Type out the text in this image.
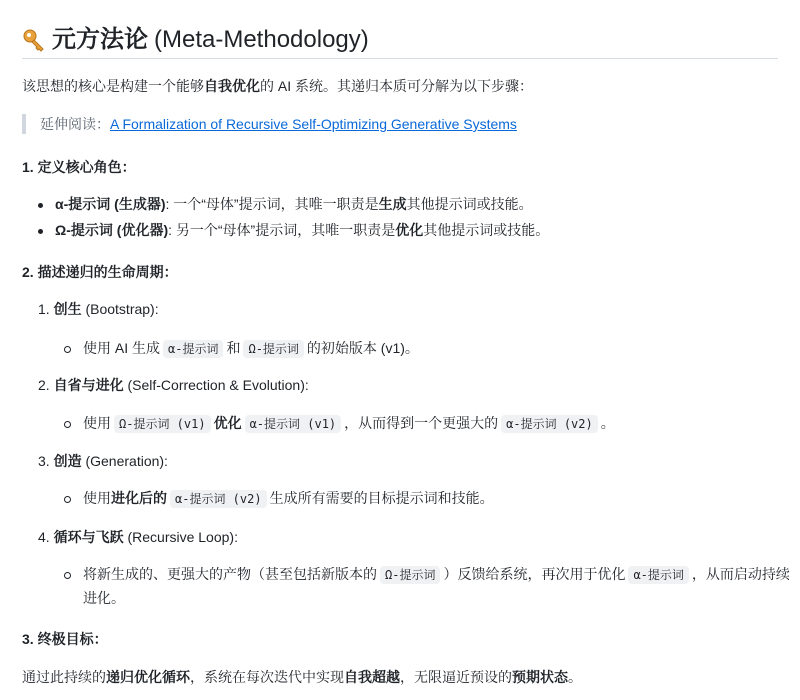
元方法论 (Meta-Methodology)
该思想的核心是构建一个能够自我优化的 AI 系统。其递归本质可分解为以下步骤：
延伸阅读：A Formalization of Recursive Self-Optimizing Generative Systems
1. 定义核心角色：
α-提示词 (生成器): 一个“母体”提示词，其唯一职责是生成其他提示词或技能。
Ω-提示词 (优化器): 另一个“母体”提示词，其唯一职责是优化其他提示词或技能。
2. 描述递归的生命周期：
1. 创生 (Bootstrap):
使用 AI 生成 α-提示词 和 Ω-提示词 的初始版本 (v1)。
2. 自省与进化 (Self-Correction & Evolution):
使用 Ω-提示词 (v1) 优化 α-提示词 (v1) ，从而得到一个更强大的 α-提示词 (v2) 。
3. 创造 (Generation):
使用进化后的 α-提示词 (v2) 生成所有需要的目标提示词和技能。
4. 循环与飞跃 (Recursive Loop):
将新生成的、更强大的产物（甚至包括新版本的 Ω-提示词 ）反馈给系统，再次用于优化 α-提示词 ，从而启动持续进化。
3. 终极目标：
通过此持续的递归优化循环，系统在每次迭代中实现自我超越，无限逼近预设的预期状态。
